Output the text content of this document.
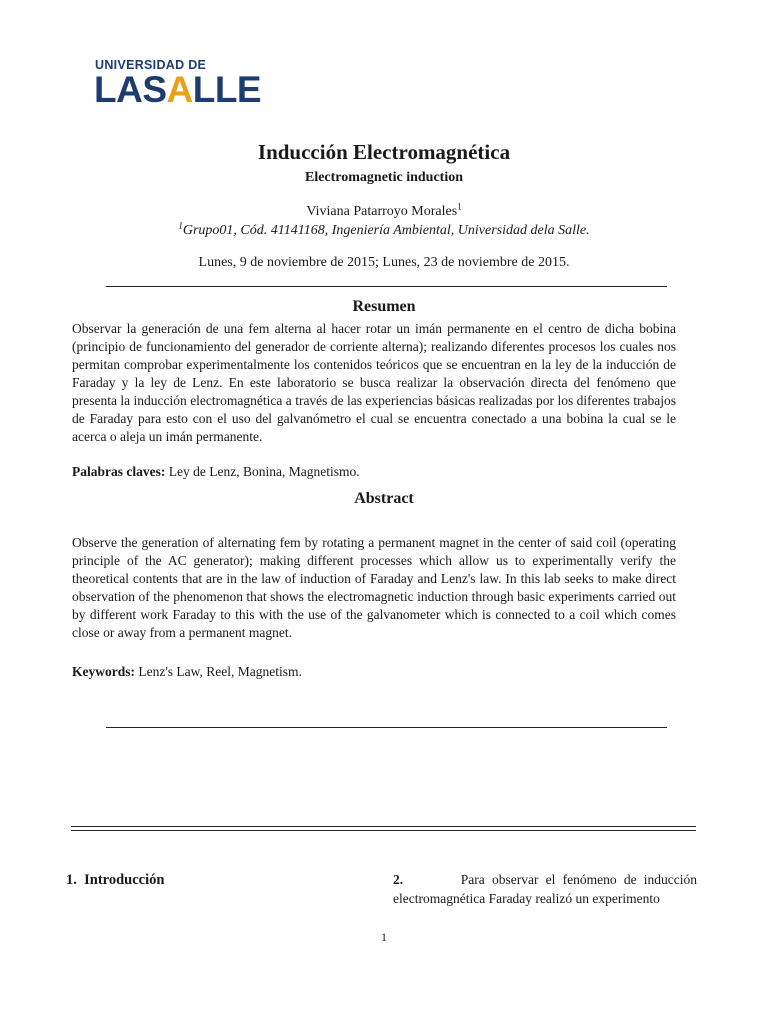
UNIVERSIDAD DE
LASALLE
Inducción Electromagnética
Electromagnetic induction
Viviana Patarroyo Morales$^1$
$^1$Grupo01, Cód. 41141168, Ingeniería Ambiental, Universidad dela Salle.
Lunes, 9 de noviembre de 2015; Lunes, 23 de noviembre de 2015.
Resumen

Observar la generación de una fem alterna al hacer rotar un imán permanente en el centro de dicha bobina (principio de funcionamiento del generador de corriente alterna); realizando diferentes procesos los cuales nos permitan comprobar experimentalmente los contenidos teóricos que se encuentran en la ley de la inducción de Faraday y la ley de Lenz. En este laboratorio se busca realizar la observación directa del fenómeno que presenta la inducción electromagnética a través de las experiencias básicas realizadas por los diferentes trabajos de Faraday para esto con el uso del galvanómetro el cual se encuentra conectado a una bobina la cual se le acerca o aleja un imán permanente.

Palabras claves: Ley de Lenz, Bonina, Magnetismo.

Abstract

Observe the generation of alternating fem by rotating a permanent magnet in the center of said coil (operating principle of the AC generator); making different processes which allow us to experimentally verify the theoretical contents that are in the law of induction of Faraday and Lenz's law. In this lab seeks to make direct observation of the phenomenon that shows the electromagnetic induction through basic experiments carried out by different work Faraday to this with the use of the galvanometer which is connected to a coil which comes close or away from a permanent magnet.

Keywords: Lenz's Law, Reel, Magnetism.

1. Introducción	2.	Para observar el fenómeno de inducción electromagnética Faraday realizó un experimento

1
